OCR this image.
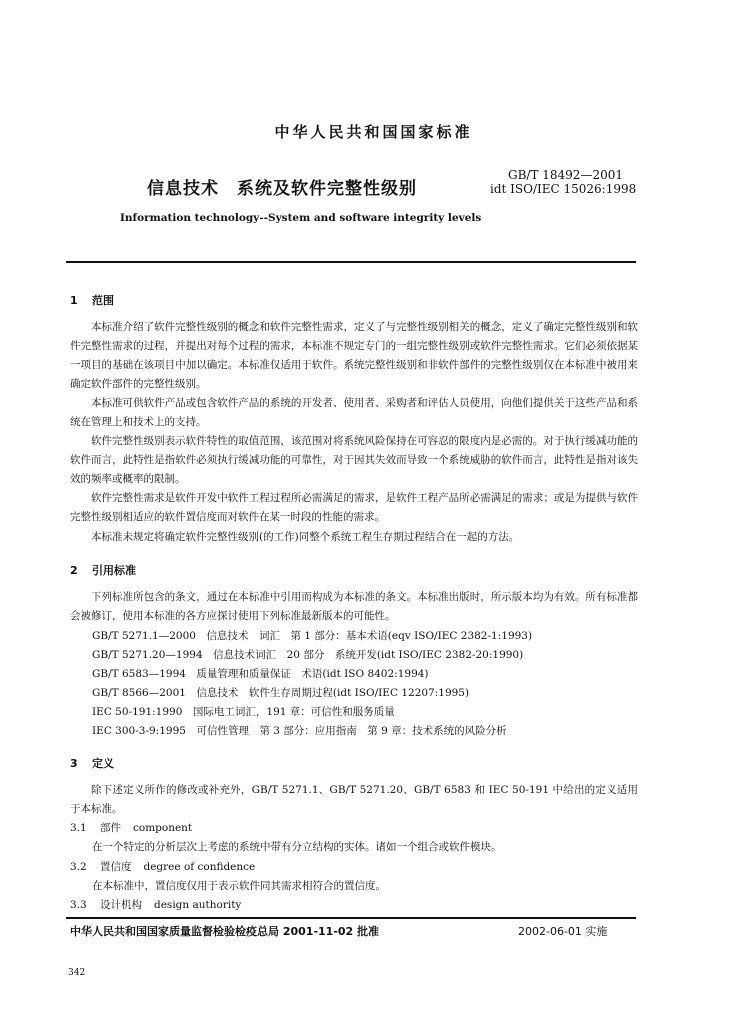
中华人民共和国国家标准
信息技术　系统及软件完整性级别
GB/T 18492—2001
idt ISO/IEC 15026:1998
Information technology--System and software integrity levels
1 范围
本标准介绍了软件完整性级别的概念和软件完整性需求，定义了与完整性级别相关的概念，定义了确定完整性级别和软件完整性需求的过程，并提出对每个过程的需求，本标准不规定专门的一组完整性级别或软件完整性需求。它们必须依据某一项目的基础在该项目中加以确定。本标准仅适用于软件。系统完整性级别和非软件部件的完整性级别仅在本标准中被用来确定软件部件的完整性级别。
本标准可供软件产品或包含软件产品的系统的开发者、使用者、采购者和评估人员使用，向他们提供关于这些产品和系统在管理上和技术上的支持。
软件完整性级别表示软件特性的取值范围，该范围对将系统风险保持在可容忍的限度内是必需的。对于执行缓减功能的软件而言，此特性是指软件必须执行缓减功能的可靠性，对于因其失效而导致一个系统威胁的软件而言，此特性是指对该失效的频率或概率的限制。
软件完整性需求是软件开发中软件工程过程所必需满足的需求，是软件工程产品所必需满足的需求；或是为提供与软件完整性级别相适应的软件置信度而对软件在某一时段的性能的需求。
本标准未规定将确定软件完整性级别(的工作)同整个系统工程生存期过程结合在一起的方法。
2 引用标准
下列标准所包含的条文，通过在本标准中引用而构成为本标准的条文。本标准出版时，所示版本均为有效。所有标准都会被修订，使用本标准的各方应探讨使用下列标准最新版本的可能性。
GB/T 5271.1—2000　信息技术　词汇　第 1 部分：基本术语(eqv ISO/IEC 2382-1:1993)
GB/T 5271.20—1994　信息技术词汇　20 部分　系统开发(idt ISO/IEC 2382-20:1990)
GB/T 6583—1994　质量管理和质量保证　术语(idt ISO 8402:1994)
GB/T 8566—2001　信息技术　软件生存周期过程(idt ISO/IEC 12207:1995)
IEC 50-191:1990　国际电工词汇，191 章：可信性和服务质量
IEC 300-3-9:1995　可信性管理　第 3 部分：应用指南　第 9 章：技术系统的风险分析
3 定义
除下述定义所作的修改或补充外，GB/T 5271.1、GB/T 5271.20、GB/T 6583 和 IEC 50-191 中给出的定义适用于本标准。
3.1 部件 component
在一个特定的分析层次上考虑的系统中带有分立结构的实体。诸如一个组合或软件模块。
3.2 置信度 degree of confidence
在本标准中，置信度仅用于表示软件同其需求相符合的置信度。
3.3 设计机构 design authority
中华人民共和国国家质量监督检验检疫总局 2001-11-02 批准	2002-06-01 实施
342
